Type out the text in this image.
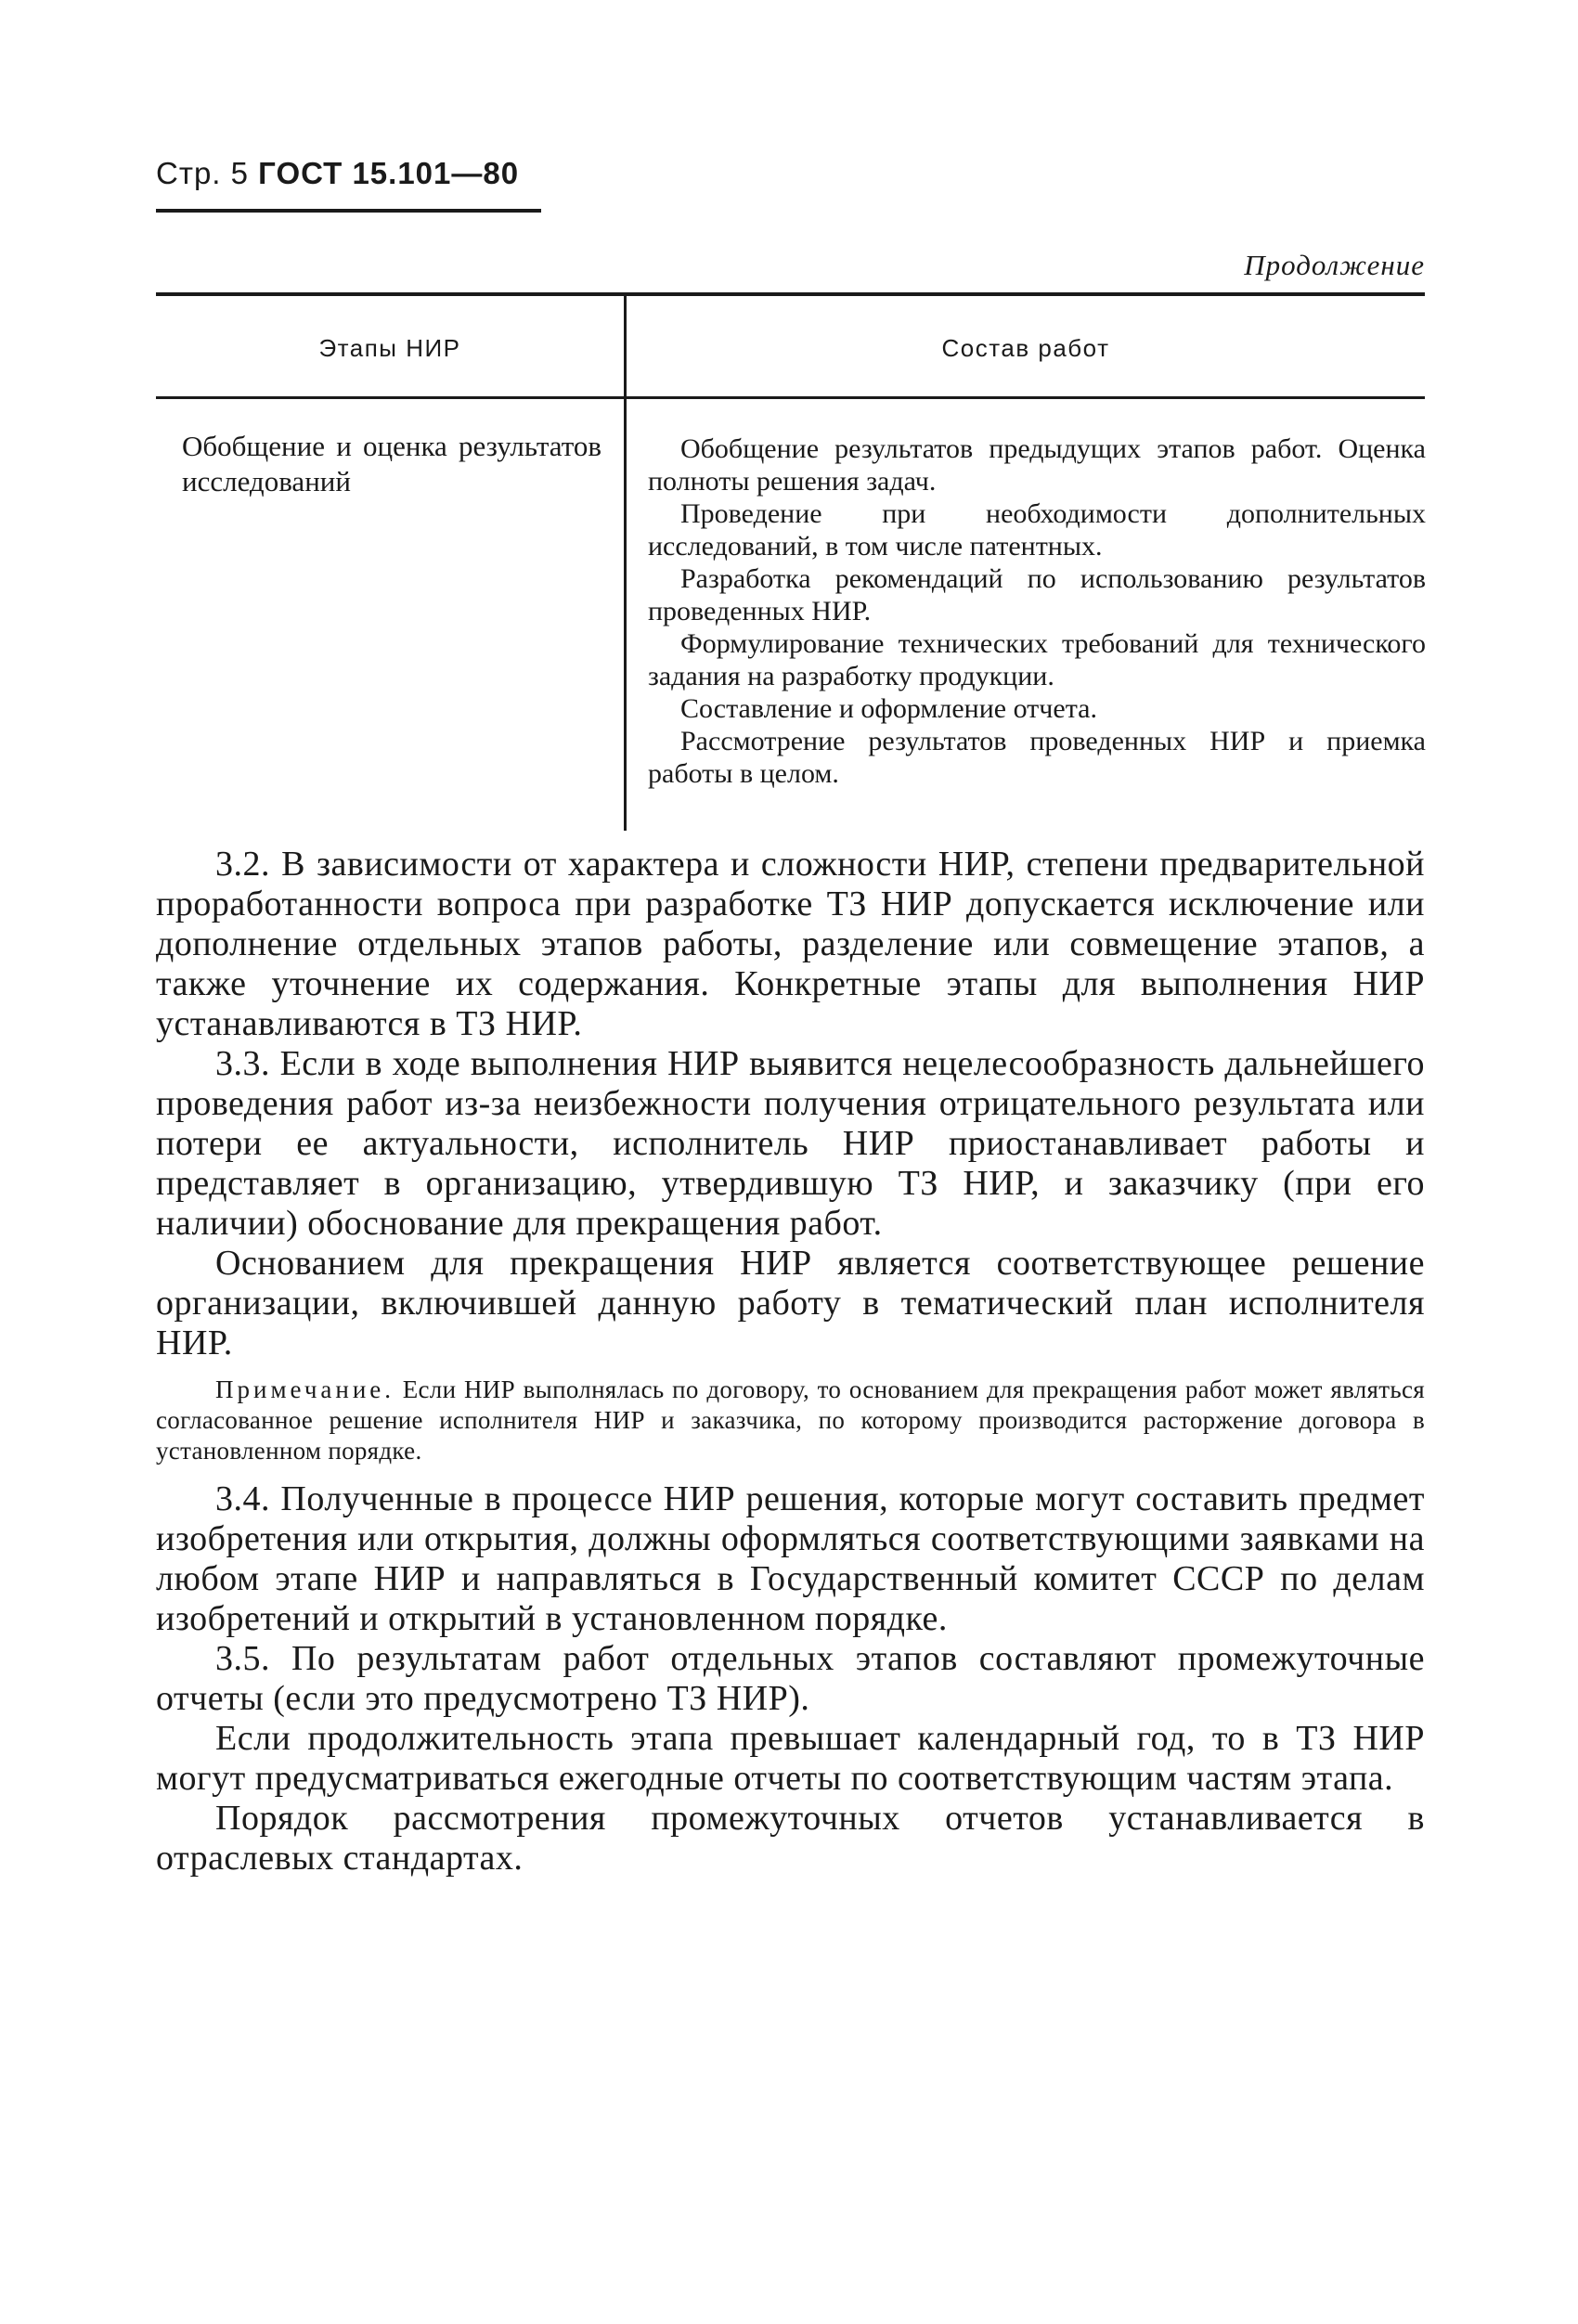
Стр. 5 ГОСТ 15.101—80
Продолжение
Этапы НИР	Состав работ
Обобщение и оценка результатов исследований

Обобщение результатов предыдущих этапов работ. Оценка полноты решения задач.

Проведение при необходимости дополнительных исследований, в том числе патентных.

Разработка рекомендаций по использованию результатов проведенных НИР.

Формулирование технических требований для технического задания на разработку продукции.

Составление и оформление отчета.

Рассмотрение результатов проведенных НИР и приемка работы в целом.

3.2. В зависимости от характера и сложности НИР, степени предварительной проработанности вопроса при разработке ТЗ НИР допускается исключение или дополнение отдельных этапов работы, разделение или совмещение этапов, а также уточнение их содержания. Конкретные этапы для выполнения НИР устанавливаются в ТЗ НИР.

3.3. Если в ходе выполнения НИР выявится нецелесообразность дальнейшего проведения работ из-за неизбежности получения отрицательного результата или потери ее актуальности, исполнитель НИР приостанавливает работы и представляет в организацию, утвердившую ТЗ НИР, и заказчику (при его наличии) обоснование для прекращения работ.

Основанием для прекращения НИР является соответствующее решение организации, включившей данную работу в тематический план исполнителя НИР.

Примечание. Если НИР выполнялась по договору, то основанием для прекращения работ может являться согласованное решение исполнителя НИР и заказчика, по которому производится расторжение договора в установленном порядке.

3.4. Полученные в процессе НИР решения, которые могут составить предмет изобретения или открытия, должны оформляться соответствующими заявками на любом этапе НИР и направляться в Государственный комитет СССР по делам изобретений и открытий в установленном порядке.

3.5. По результатам работ отдельных этапов составляют промежуточные отчеты (если это предусмотрено ТЗ НИР).

Если продолжительность этапа превышает календарный год, то в ТЗ НИР могут предусматриваться ежегодные отчеты по соответствующим частям этапа.

Порядок рассмотрения промежуточных отчетов устанавливается в отраслевых стандартах.
